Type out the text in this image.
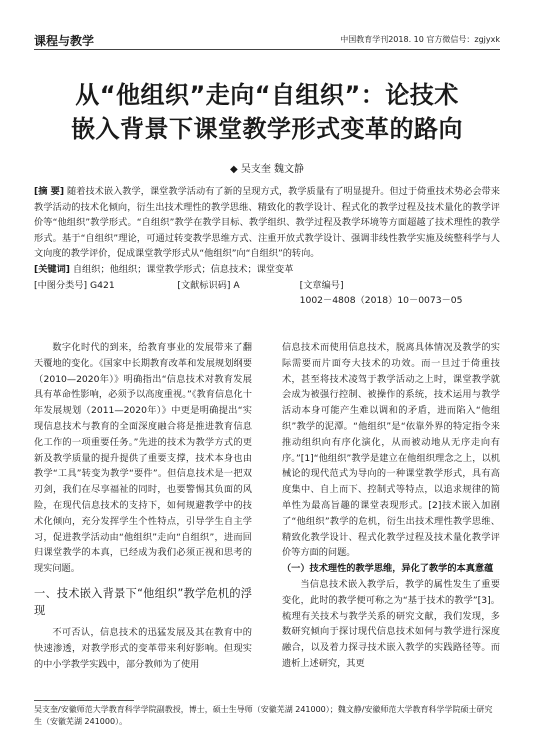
课程与教学	中国教育学刊2018. 10 官方微信号：zgjyxk
从“他组织”走向“自组织”：论技术
嵌入背景下课堂教学形式变革的路向
◆ 吴支奎 魏文静
[摘 要] 随着技术嵌入教学，课堂教学活动有了新的呈现方式，教学质量有了明显提升。但过于倚重技术势必会带来教学活动的技术化倾向，衍生出技术理性的教学思维、精致化的教学设计、程式化的教学过程及技术量化的教学评价等“他组织”教学形式。“自组织”教学在教学目标、教学组织、教学过程及教学环境等方面超越了技术理性的教学形式。基于“自组织”理论，可通过转变教学思维方式、注重开放式教学设计、强调非线性教学实施及统整科学与人文向度的教学评价，促成课堂教学形式从“他组织”向“自组织”的转向。
[关键词] 自组织；他组织；课堂教学形式；信息技术；课堂变革
[中图分类号] G421	[文献标识码] A	[文章编号] 1002－4808（2018）10－0073－05

数字化时代的到来，给教育事业的发展带来了翻天覆地的变化。《国家中长期教育改革和发展规划纲要（2010—2020年）》明确指出“信息技术对教育发展具有革命性影响，必须予以高度重视。”《教育信息化十年发展规划（2011—2020年）》中更是明确提出“实现信息技术与教育的全面深度融合将是推进教育信息化工作的一项重要任务。”先进的技术为教学方式的更新及教学质量的提升提供了重要支撑，技术本身也由教学“工具”转变为教学“要件”。但信息技术是一把双刃剑，我们在尽享福祉的同时，也要警惕其负面的风险，在现代信息技术的支持下，如何规避教学中的技术化倾向，充分发挥学生个性特点，引导学生自主学习，促进教学活动由“他组织”走向“自组织”，进而回归课堂教学的本真，已经成为我们必须正视和思考的现实问题。

一、技术嵌入背景下“他组织”教学危机的浮现

不可否认，信息技术的迅猛发展及其在教育中的快速渗透，对教学形式的变革带来利好影响。但现实的中小学教学实践中，部分教师为了使用

信息技术而使用信息技术，脱离具体情况及教学的实际需要而片面夸大技术的功效。而一旦过于倚重技术，甚至将技术凌驾于教学活动之上时，课堂教学就会成为被强行控制、被操作的系统，技术运用与教学活动本身可能产生难以调和的矛盾，进而陷入“他组织”教学的泥潭。“他组织”是“依靠外界的特定指令来推动组织向有序化演化，从而被动地从无序走向有序。”[1]“他组织”教学是建立在他组织理念之上，以机械论的现代范式为导向的一种课堂教学形式，具有高度集中、自上而下、控制式等特点，以追求规律的简单性为最高旨趣的课堂表现形式。[2]技术嵌入加剧了“他组织”教学的危机，衍生出技术理性教学思维、精致化教学设计、程式化教学过程及技术量化教学评价等方面的问题。

（一）技术理性的教学思维，异化了教学的本真意蕴

当信息技术嵌入教学后，教学的属性发生了重要变化，此时的教学便可称之为“基于技术的教学”[3]。梳理有关技术与教学关系的研究文献，我们发现，多数研究倾向于探讨现代信息技术如何与教学进行深度融合，以及着力探寻技术嵌入教学的实践路径等。而遗析上述研究，其更

吴支奎/安徽师范大学教育科学学院副教授，博士，硕士生导师（安徽芜湖 241000）；魏文静/安徽师范大学教育科学学院硕士研究生（安徽芜湖 241000）。
